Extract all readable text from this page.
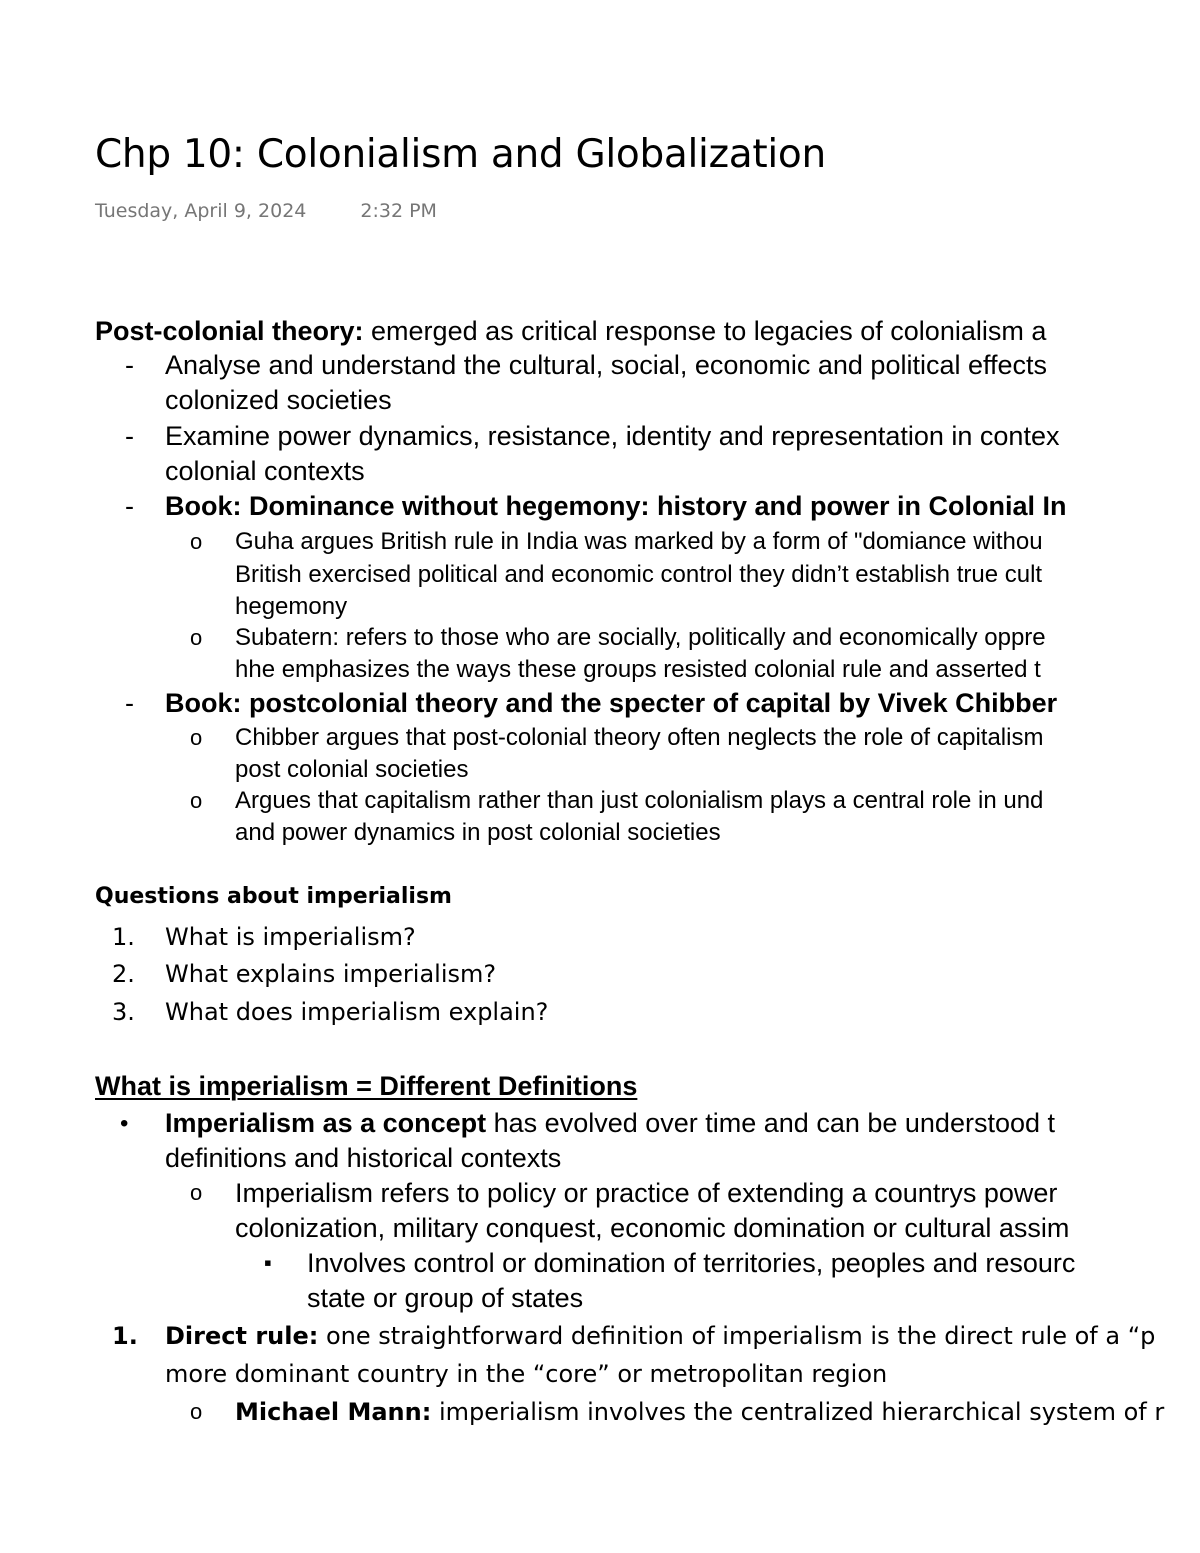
Chp 10: Colonialism and Globalization
Tuesday, April 9, 2024	2:32 PM
Post-colonial theory: emerged as critical response to legacies of colonialism a
- Analyse and understand the cultural, social, economic and political effects
colonized societies
- Examine power dynamics, resistance, identity and representation in contex
colonial contexts
- Book: Dominance without hegemony: history and power in Colonial In
o Guha argues British rule in India was marked by a form of "domiance withou
British exercised political and economic control they didn’t establish true cult
hegemony
o Subatern: refers to those who are socially, politically and economically oppre
hhe emphasizes the ways these groups resisted colonial rule and asserted t
- Book: postcolonial theory and the specter of capital by Vivek Chibber
o Chibber argues that post-colonial theory often neglects the role of capitalism
post colonial societies
o Argues that capitalism rather than just colonialism plays a central role in und
and power dynamics in post colonial societies
Questions about imperialism
1. What is imperialism?
2. What explains imperialism?
3. What does imperialism explain?
What is imperialism = Different Definitions
• Imperialism as a concept has evolved over time and can be understood t
definitions and historical contexts
o Imperialism refers to policy or practice of extending a countrys power
colonization, military conquest, economic domination or cultural assim
▪ Involves control or domination of territories, peoples and resourc
state or group of states
1. Direct rule: one straightforward definition of imperialism is the direct rule of a “p
more dominant country in the “core” or metropolitan region
o Michael Mann: imperialism involves the centralized hierarchical system of r
